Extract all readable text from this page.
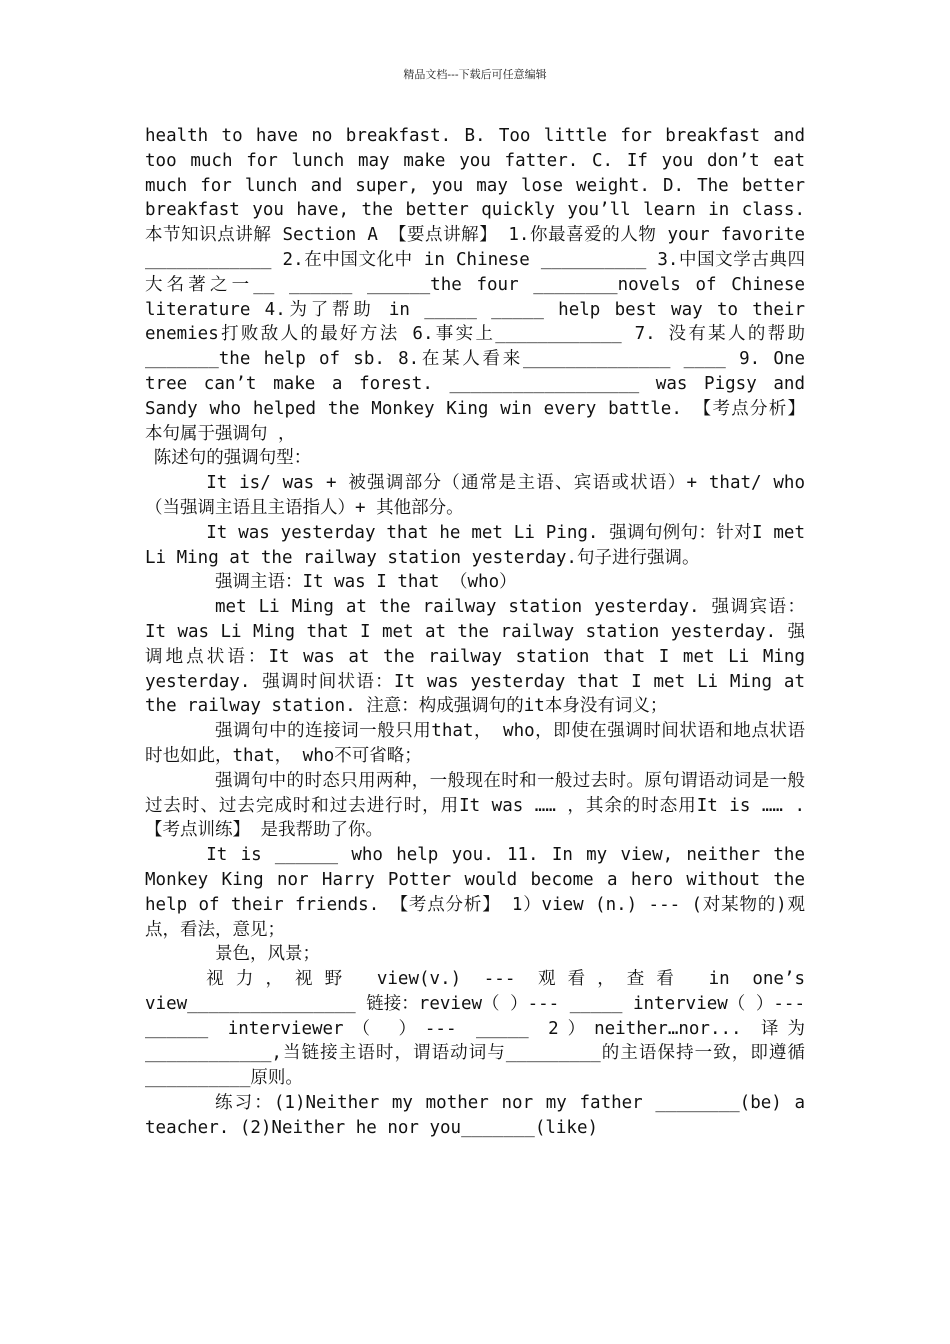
精品文档---下载后可任意编辑

health to have no breakfast. B. Too little for breakfast and too much for lunch may make you fatter. C. If you don’t eat much for lunch and super, you may lose weight. D. The better breakfast you have, the better quickly you’ll learn in class. 本节知识点讲解 Section A 【要点讲解】 1.你最喜爱的人物 your favorite ____________ 2.在中国文化中 in Chinese __________ 3.中国文学古典四大名著之一__ ______ ______the four ________novels of Chinese literature 4.为了帮助 in _____ _____ help best way to their enemies打败敌人的最好方法 6.事实上____________ 7. 没有某人的帮助_______the help of sb. 8.在某人看来______________ ____ 9. One tree can’t make a forest. __________________ was Pigsy and Sandy who helped the Monkey King win every battle. 【考点分析】 本句属于强调句 ，

陈述句的强调句型：

It is/ was + 被强调部分（通常是主语、宾语或状语）+ that/ who（当强调主语且主语指人）+ 其他部分。

It was yesterday that he met Li Ping. 强调句例句：针对I met Li Ming at the railway station yesterday.句子进行强调。

强调主语：It was I that （who）

met Li Ming at the railway station yesterday. 强调宾语：It was Li Ming that I met at the railway station yesterday. 强调地点状语：It was at the railway station that I met Li Ming yesterday. 强调时间状语：It was yesterday that I met Li Ming at the railway station. 注意：构成强调句的it本身没有词义；

强调句中的连接词一般只用that， who，即使在强调时间状语和地点状语时也如此，that， who不可省略；

强调句中的时态只用两种，一般现在时和一般过去时。原句谓语动词是一般过去时、过去完成时和过去进行时，用It was …… ，其余的时态用It is …… . 【考点训练】 是我帮助了你。

It is ______ who help you. 11. In my view, neither the Monkey King nor Harry Potter would become a hero without the help of their friends. 【考点分析】 1）view (n.) --- (对某物的)观点，看法，意见；

景色，风景；

视力，视野 view(v.) --- 观看，查看 in one’s view________________ 链接：review（ ）--- _____ interview（ ）--- ______ interviewer（ ）--- _____ 2）neither…nor... 译为____________,当链接主语时，谓语动词与_________的主语保持一致，即遵循__________原则。

练习：(1)Neither my mother nor my father ________(be) a teacher. (2)Neither he nor you_______(like)
